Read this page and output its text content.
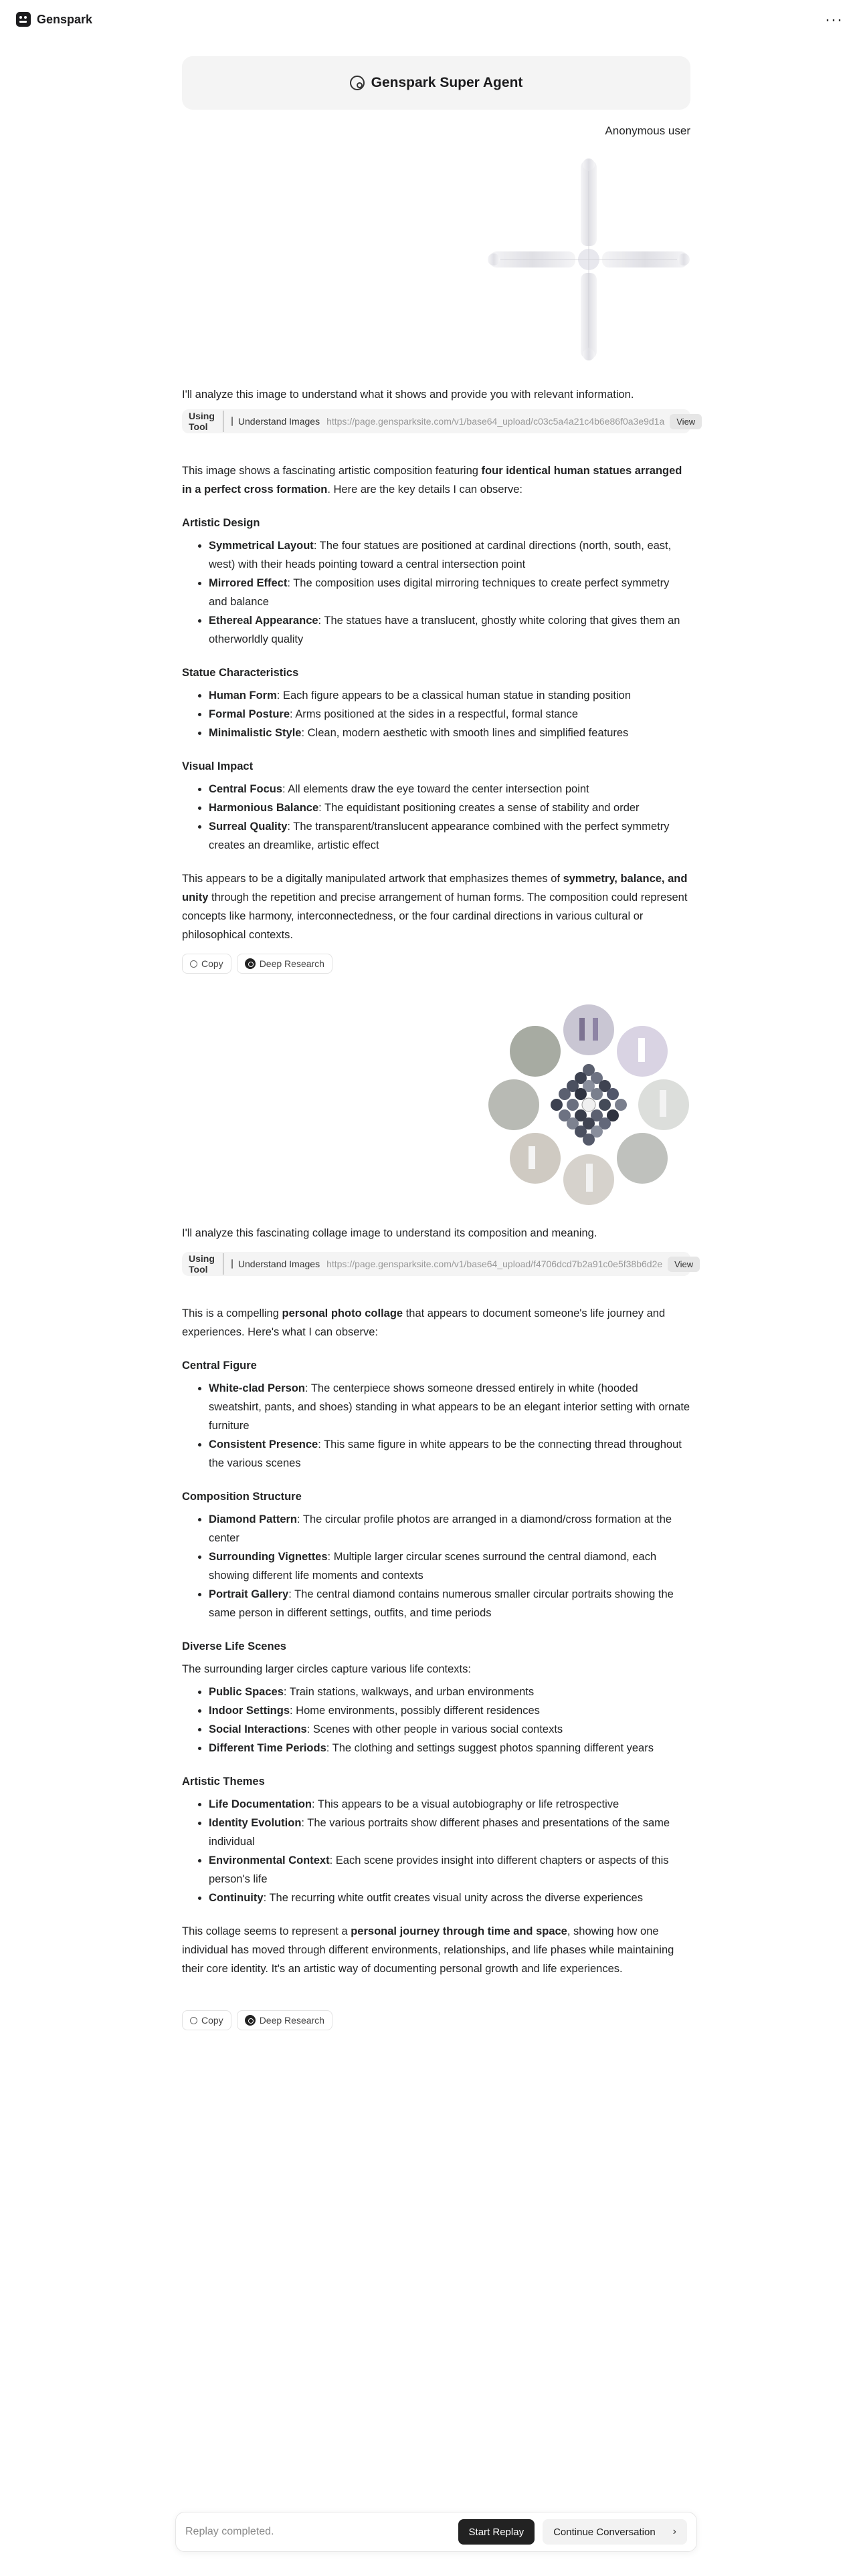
Genspark	···
Genspark Super Agent
Anonymous user
I'll analyze this image to understand what it shows and provide you with relevant information.
Using Tool	Understand Images https://page.gensparksite.com/v1/base64_upload/c03c5a4a21c4b6e86f0a3e9d1a	View

This image shows a fascinating artistic composition featuring four identical human statues arranged in a perfect cross formation. Here are the key details I can observe:

Artistic Design
• Symmetrical Layout: The four statues are positioned at cardinal directions (north, south, east, west) with their heads pointing toward a central intersection point
• Mirrored Effect: The composition uses digital mirroring techniques to create perfect symmetry and balance
• Ethereal Appearance: The statues have a translucent, ghostly white coloring that gives them an otherworldly quality
Statue Characteristics
• Human Form: Each figure appears to be a classical human statue in standing position
• Formal Posture: Arms positioned at the sides in a respectful, formal stance
• Minimalistic Style: Clean, modern aesthetic with smooth lines and simplified features
Visual Impact
• Central Focus: All elements draw the eye toward the center intersection point
• Harmonious Balance: The equidistant positioning creates a sense of stability and order
• Surreal Quality: The transparent/translucent appearance combined with the perfect symmetry creates an dreamlike, artistic effect

This appears to be a digitally manipulated artwork that emphasizes themes of symmetry, balance, and unity through the repetition and precise arrangement of human forms. The composition could represent concepts like harmony, interconnectedness, or the four cardinal directions in various cultural or philosophical contexts.

Copy	Deep Research
I'll analyze this fascinating collage image to understand its composition and meaning.
Using Tool	Understand Images https://page.gensparksite.com/v1/base64_upload/f4706dcd7b2a91c0e5f38b6d2e	View

This is a compelling personal photo collage that appears to document someone's life journey and experiences. Here's what I can observe:

Central Figure
• White-clad Person: The centerpiece shows someone dressed entirely in white (hooded sweatshirt, pants, and shoes) standing in what appears to be an elegant interior setting with ornate furniture
• Consistent Presence: This same figure in white appears to be the connecting thread throughout the various scenes
Composition Structure
• Diamond Pattern: The circular profile photos are arranged in a diamond/cross formation at the center
• Surrounding Vignettes: Multiple larger circular scenes surround the central diamond, each showing different life moments and contexts
• Portrait Gallery: The central diamond contains numerous smaller circular portraits showing the same person in different settings, outfits, and time periods
Diverse Life Scenes

The surrounding larger circles capture various life contexts:

• Public Spaces: Train stations, walkways, and urban environments
• Indoor Settings: Home environments, possibly different residences
• Social Interactions: Scenes with other people in various social contexts
• Different Time Periods: The clothing and settings suggest photos spanning different years
Artistic Themes
• Life Documentation: This appears to be a visual autobiography or life retrospective
• Identity Evolution: The various portraits show different phases and presentations of the same individual
• Environmental Context: Each scene provides insight into different chapters or aspects of this person's life
• Continuity: The recurring white outfit creates visual unity across the diverse experiences

This collage seems to represent a personal journey through time and space, showing how one individual has moved through different environments, relationships, and life phases while maintaining their core identity. It's an artistic way of documenting personal growth and life experiences.

Copy	Deep Research
Replay completed.	Start Replay	Continue Conversation ›
